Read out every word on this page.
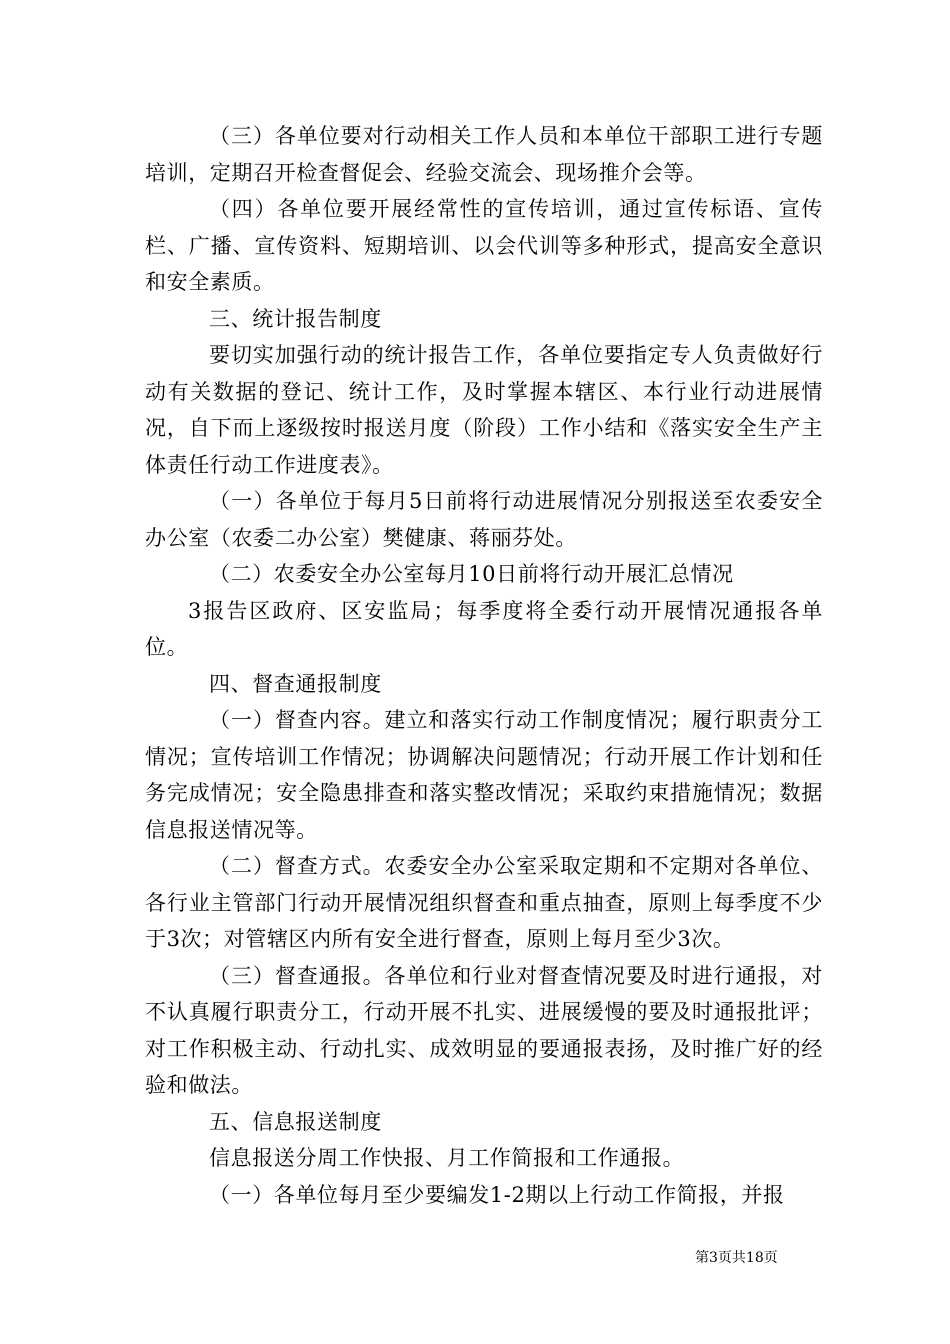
（三）各单位要对行动相关工作人员和本单位干部职工进行专题培训，定期召开检查督促会、经验交流会、现场推介会等。

（四）各单位要开展经常性的宣传培训，通过宣传标语、宣传栏、广播、宣传资料、短期培训、以会代训等多种形式，提高安全意识和安全素质。

三、统计报告制度

要切实加强行动的统计报告工作，各单位要指定专人负责做好行动有关数据的登记、统计工作，及时掌握本辖区、本行业行动进展情况，自下而上逐级按时报送月度（阶段）工作小结和《落实安全生产主体责任行动工作进度表》。

（一）各单位于每月5日前将行动进展情况分别报送至农委安全办公室（农委二办公室）樊健康、蒋丽芬处。

（二）农委安全办公室每月10日前将行动开展汇总情况

3报告区政府、区安监局；每季度将全委行动开展情况通报各单位。

四、督查通报制度

（一）督查内容。建立和落实行动工作制度情况；履行职责分工情况；宣传培训工作情况；协调解决问题情况；行动开展工作计划和任务完成情况；安全隐患排查和落实整改情况；采取约束措施情况；数据信息报送情况等。

（二）督查方式。农委安全办公室采取定期和不定期对各单位、各行业主管部门行动开展情况组织督查和重点抽查，原则上每季度不少于3次；对管辖区内所有安全进行督查，原则上每月至少3次。

（三）督查通报。各单位和行业对督查情况要及时进行通报，对不认真履行职责分工，行动开展不扎实、进展缓慢的要及时通报批评；对工作积极主动、行动扎实、成效明显的要通报表扬，及时推广好的经验和做法。

五、信息报送制度

信息报送分周工作快报、月工作简报和工作通报。

（一）各单位每月至少要编发1-2期以上行动工作简报，并报

第3页共18页
